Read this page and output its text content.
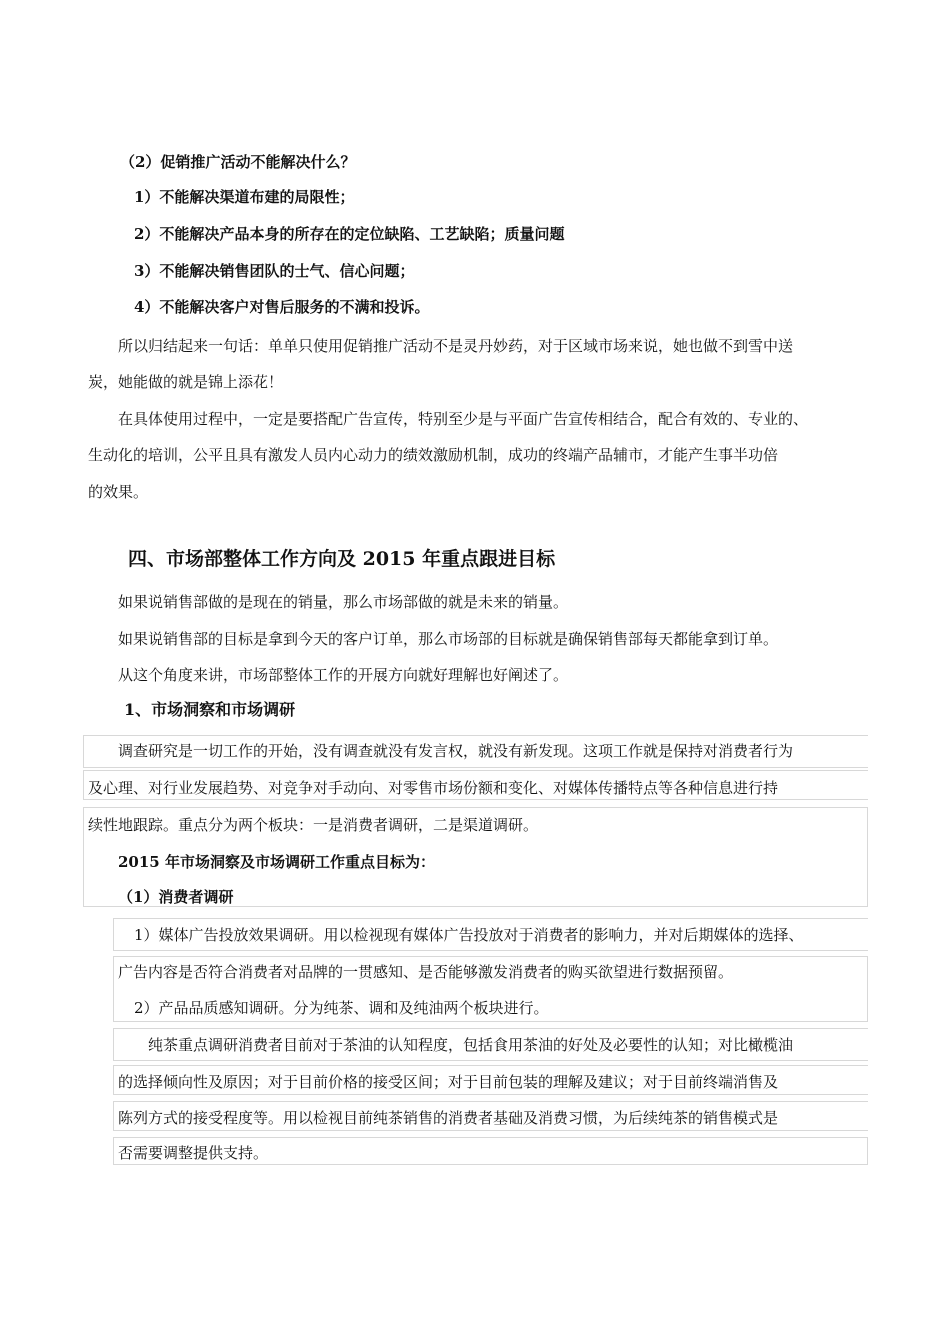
（2）促销推广活动不能解决什么？
1）不能解决渠道布建的局限性；
2）不能解决产品本身的所存在的定位缺陷、工艺缺陷；质量问题
3）不能解决销售团队的士气、信心问题；
4）不能解决客户对售后服务的不满和投诉。
所以归结起来一句话：单单只使用促销推广活动不是灵丹妙药，对于区域市场来说，她也做不到雪中送
炭，她能做的就是锦上添花！
在具体使用过程中，一定是要搭配广告宣传，特别至少是与平面广告宣传相结合，配合有效的、专业的、
生动化的培训，公平且具有激发人员内心动力的绩效激励机制，成功的终端产品辅市，才能产生事半功倍
的效果。
四、市场部整体工作方向及 2015 年重点跟进目标
如果说销售部做的是现在的销量，那么市场部做的就是未来的销量。
如果说销售部的目标是拿到今天的客户订单，那么市场部的目标就是确保销售部每天都能拿到订单。
从这个角度来讲，市场部整体工作的开展方向就好理解也好阐述了。
1、市场洞察和市场调研
调查研究是一切工作的开始，没有调查就没有发言权，就没有新发现。这项工作就是保持对消费者行为
及心理、对行业发展趋势、对竞争对手动向、对零售市场份额和变化、对媒体传播特点等各种信息进行持
续性地跟踪。重点分为两个板块：一是消费者调研，二是渠道调研。
2015 年市场洞察及市场调研工作重点目标为：
（1）消费者调研
1）媒体广告投放效果调研。用以检视现有媒体广告投放对于消费者的影响力，并对后期媒体的选择、
广告内容是否符合消费者对品牌的一贯感知、是否能够激发消费者的购买欲望进行数据预留。
2）产品品质感知调研。分为纯茶、调和及纯油两个板块进行。
纯茶重点调研消费者目前对于茶油的认知程度，包括食用茶油的好处及必要性的认知；对比橄榄油
的选择倾向性及原因；对于目前价格的接受区间；对于目前包装的理解及建议；对于目前终端消售及
陈列方式的接受程度等。用以检视目前纯茶销售的消费者基础及消费习惯，为后续纯茶的销售模式是
否需要调整提供支持。
